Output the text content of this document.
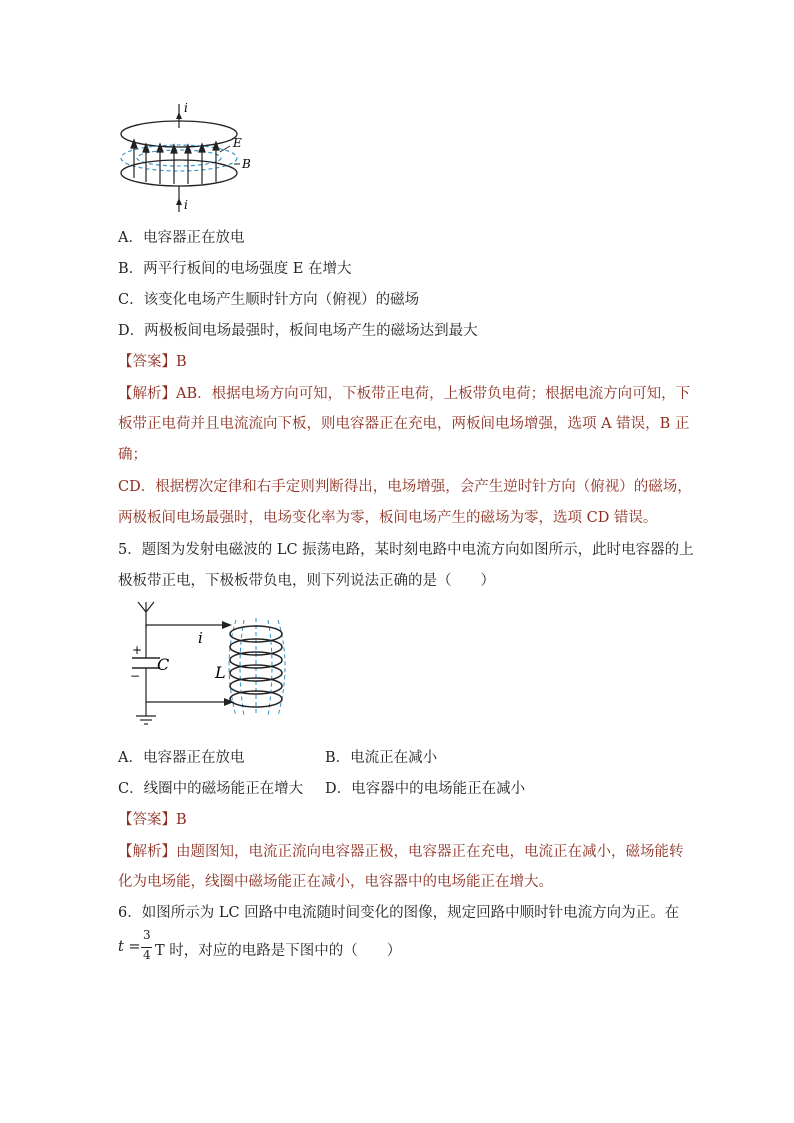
i
E
B
i
A．电容器正在放电
B．两平行板间的电场强度 E 在增大
C．该变化电场产生顺时针方向（俯视）的磁场
D．两极板间电场最强时，板间电场产生的磁场达到最大
【答案】B
【解析】AB．根据电场方向可知，下板带正电荷，上板带负电荷；根据电流方向可知，下
板带正电荷并且电流流向下板，则电容器正在充电，两板间电场增强，选项 A 错误，B 正
确；
CD．根据楞次定律和右手定则判断得出，电场增强，会产生逆时针方向（俯视）的磁场，
两极板间电场最强时，电场变化率为零，板间电场产生的磁场为零，选项 CD 错误。
5．题图为发射电磁波的 LC 振荡电路，某时刻电路中电流方向如图所示，此时电容器的上
极板带正电，下极板带负电，则下列说法正确的是（　　）
+
−
C
i
L
A．电容器正在放电	B．电流正在减小
C．线圈中的磁场能正在增大 D．电容器中的电场能正在减小
【答案】B
【解析】由题图知，电流正流向电容器正极，电容器正在充电，电流正在减小，磁场能转
化为电场能，线圈中磁场能正在减小，电容器中的电场能正在增大。
6．如图所示为 LC 回路中电流随时间变化的图像，规定回路中顺时针电流方向为正。在
t =
3
4 T 时，对应的电路是下图中的（　　）
